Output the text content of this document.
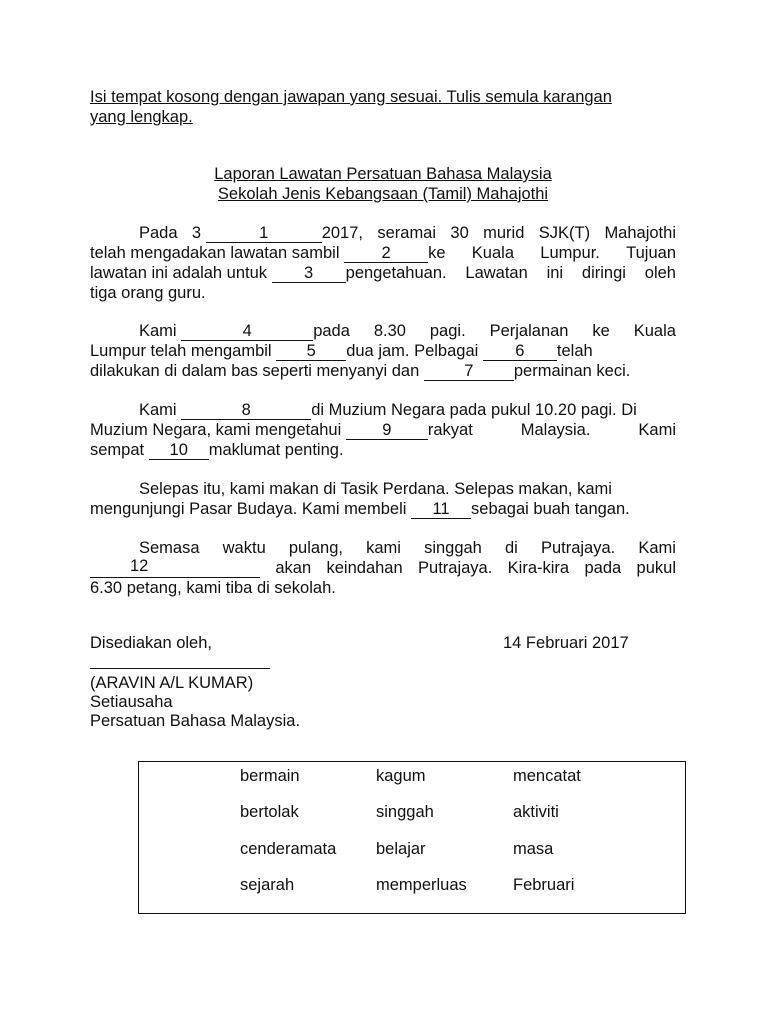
Isi tempat kosong dengan jawapan yang sesuai. Tulis semula karangan
yang lengkap.
Laporan Lawatan Persatuan Bahasa Malaysia
Sekolah Jenis Kebangsaan (Tamil) Mahajothi
Pada 3	1	2017, seramai 30 murid SJK(T) Mahajothi
telah mengadakan lawatan sambil	2 ke Kuala Lumpur. Tujuan
lawatan ini adalah untuk 3 pengetahuan. Lawatan ini diringi oleh
tiga orang guru.
Kami	4	pada 8.30 pagi. Perjalanan ke Kuala
Lumpur telah mengambil 5 dua jam. Pelbagai 6 telah
dilakukan di dalam bas seperti menyanyi dan	7 permainan keci.
Kami	8	di Muzium Negara pada pukul 10.20 pagi. Di
Muzium Negara, kami mengetahui 9 rakyat	Malaysia.	Kami
sempat 10 maklumat penting.
Selepas itu, kami makan di Tasik Perdana. Selepas makan, kami
mengunjungi Pasar Budaya. Kami membeli 11 sebagai buah tangan.
Semasa waktu pulang, kami singgah di Putrajaya. Kami
12	akan keindahan Putrajaya. Kira-kira pada pukul
6.30 petang, kami tiba di sekolah.
Disediakan oleh,	14 Februari 2017
(ARAVIN A/L KUMAR)
Setiausaha
Persatuan Bahasa Malaysia.
bermain	kagum	mencatat
bertolak	singgah	aktiviti
cenderamata belajar	masa
sejarah	memperluas	Februari
